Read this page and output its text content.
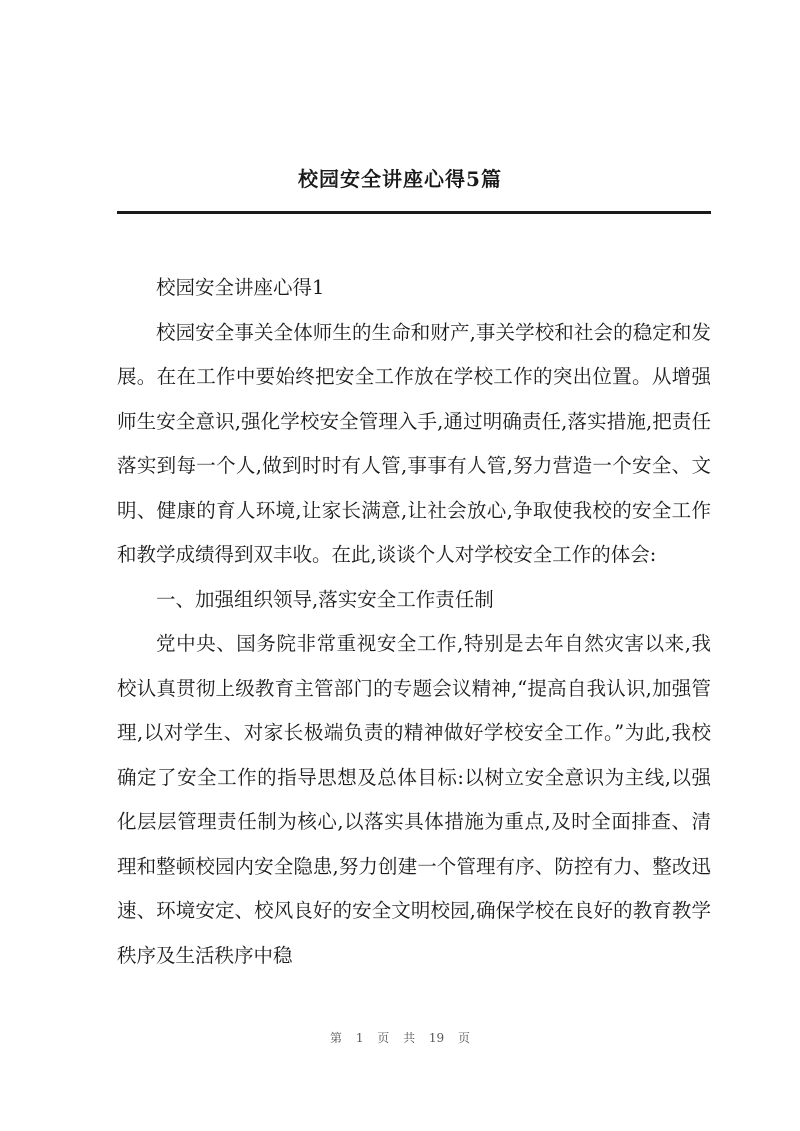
校园安全讲座心得5篇

校园安全讲座心得1

校园安全事关全体师生的生命和财产,事关学校和社会的稳定和发展。在在工作中要始终把安全工作放在学校工作的突出位置。从增强师生安全意识,强化学校安全管理入手,通过明确责任,落实措施,把责任落实到每一个人,做到时时有人管,事事有人管,努力营造一个安全、文明、健康的育人环境,让家长满意,让社会放心,争取使我校的安全工作和教学成绩得到双丰收。在此,谈谈个人对学校安全工作的体会:

一、加强组织领导,落实安全工作责任制

党中央、国务院非常重视安全工作,特别是去年自然灾害以来,我校认真贯彻上级教育主管部门的专题会议精神,“提高自我认识,加强管理,以对学生、对家长极端负责的精神做好学校安全工作。”为此,我校确定了安全工作的指导思想及总体目标:以树立安全意识为主线,以强化层层管理责任制为核心,以落实具体措施为重点,及时全面排查、清理和整顿校园内安全隐患,努力创建一个管理有序、防控有力、整改迅速、环境安定、校风良好的安全文明校园,确保学校在良好的教育教学秩序及生活秩序中稳

第 1 页 共 19 页
